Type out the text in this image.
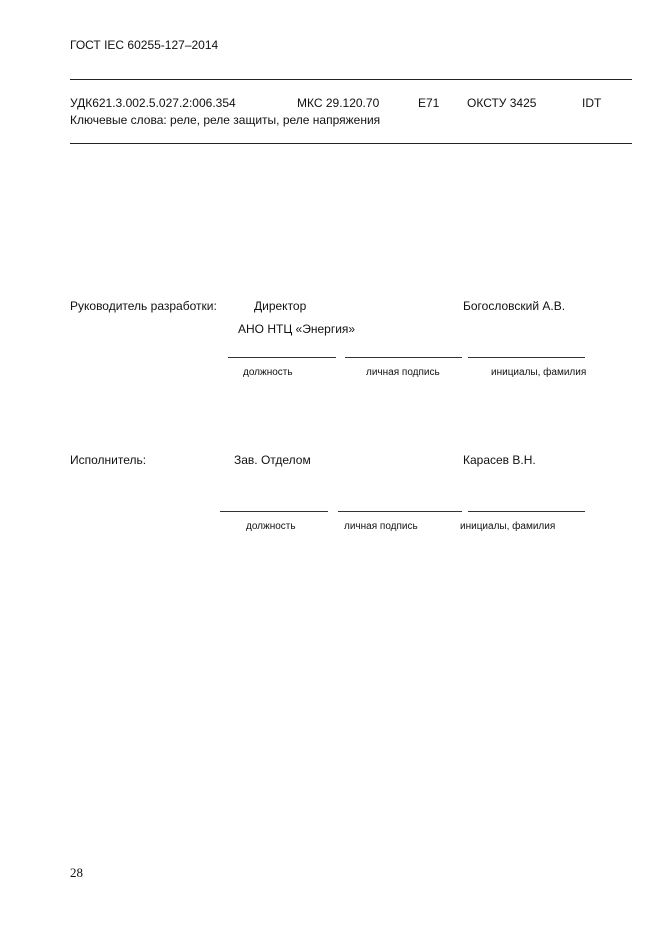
ГОСТ IEC 60255-127–2014
УДК621.3.002.5.027.2:006.354	МКС 29.120.70	E71 ОКСТУ 3425	IDT
Ключевые слова: реле, реле защиты, реле напряжения
Руководитель разработки:	Директор	Богословский А.В.
АНО НТЦ «Энергия»
должность	личная подпись	инициалы, фамилия
Исполнитель:	Зав. Отделом	Карасев В.Н.
должность	личная подпись	инициалы, фамилия
28
